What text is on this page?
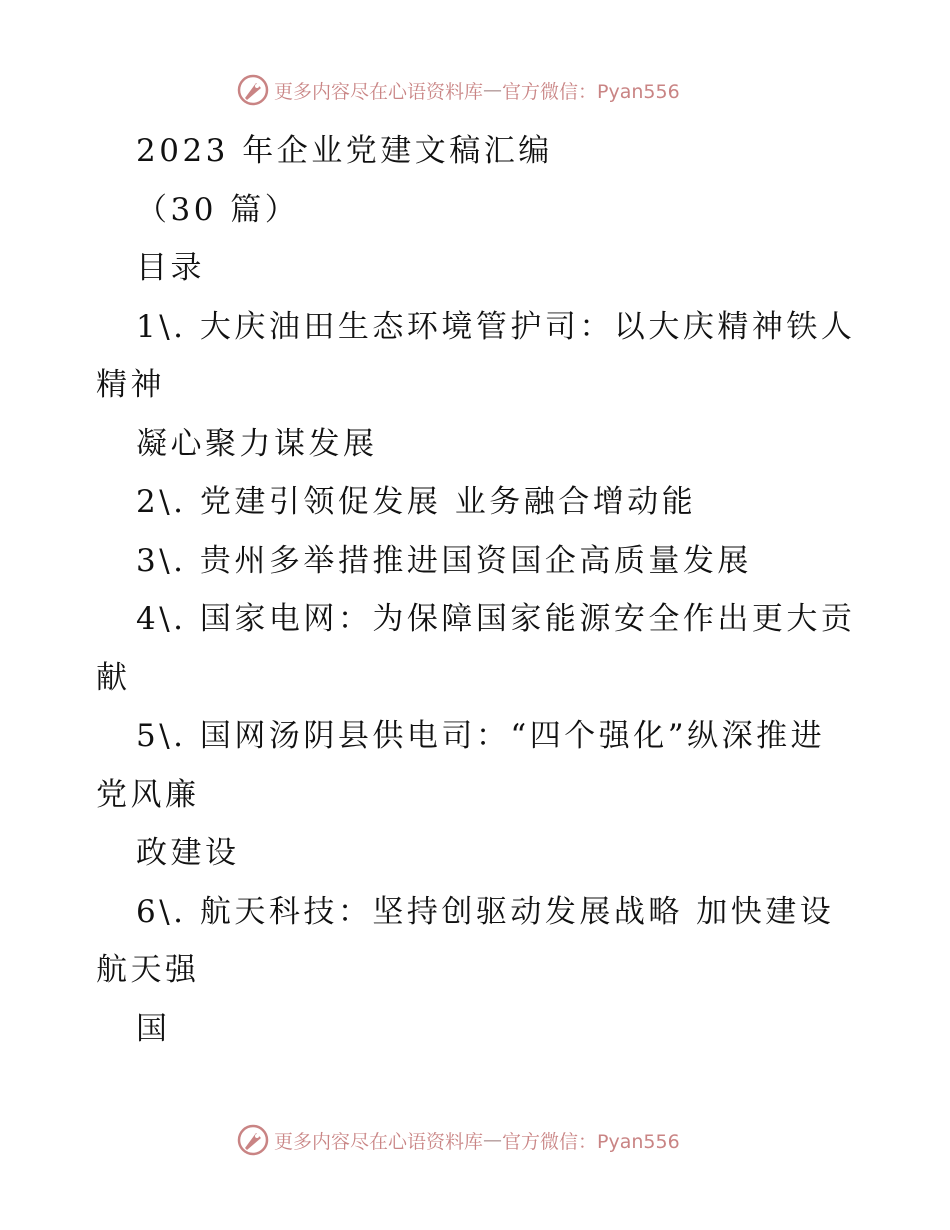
更多内容尽在心语资料库 — 官方微信：Pyan556
2023 年企业党建文稿汇编
（30 篇）
目录
1\. 大庆油田生态环境管护司：以大庆精神铁人
精神
凝心聚力谋发展
2\. 党建引领促发展 业务融合增动能
3\. 贵州多举措推进国资国企高质量发展
4\. 国家电网：为保障国家能源安全作出更大贡
献
5\. 国网汤阴县供电司：“四个强化”纵深推进
党风廉
政建设
6\. 航天科技：坚持创驱动发展战略 加快建设
航天强
国
更多内容尽在心语资料库 — 官方微信：Pyan556
